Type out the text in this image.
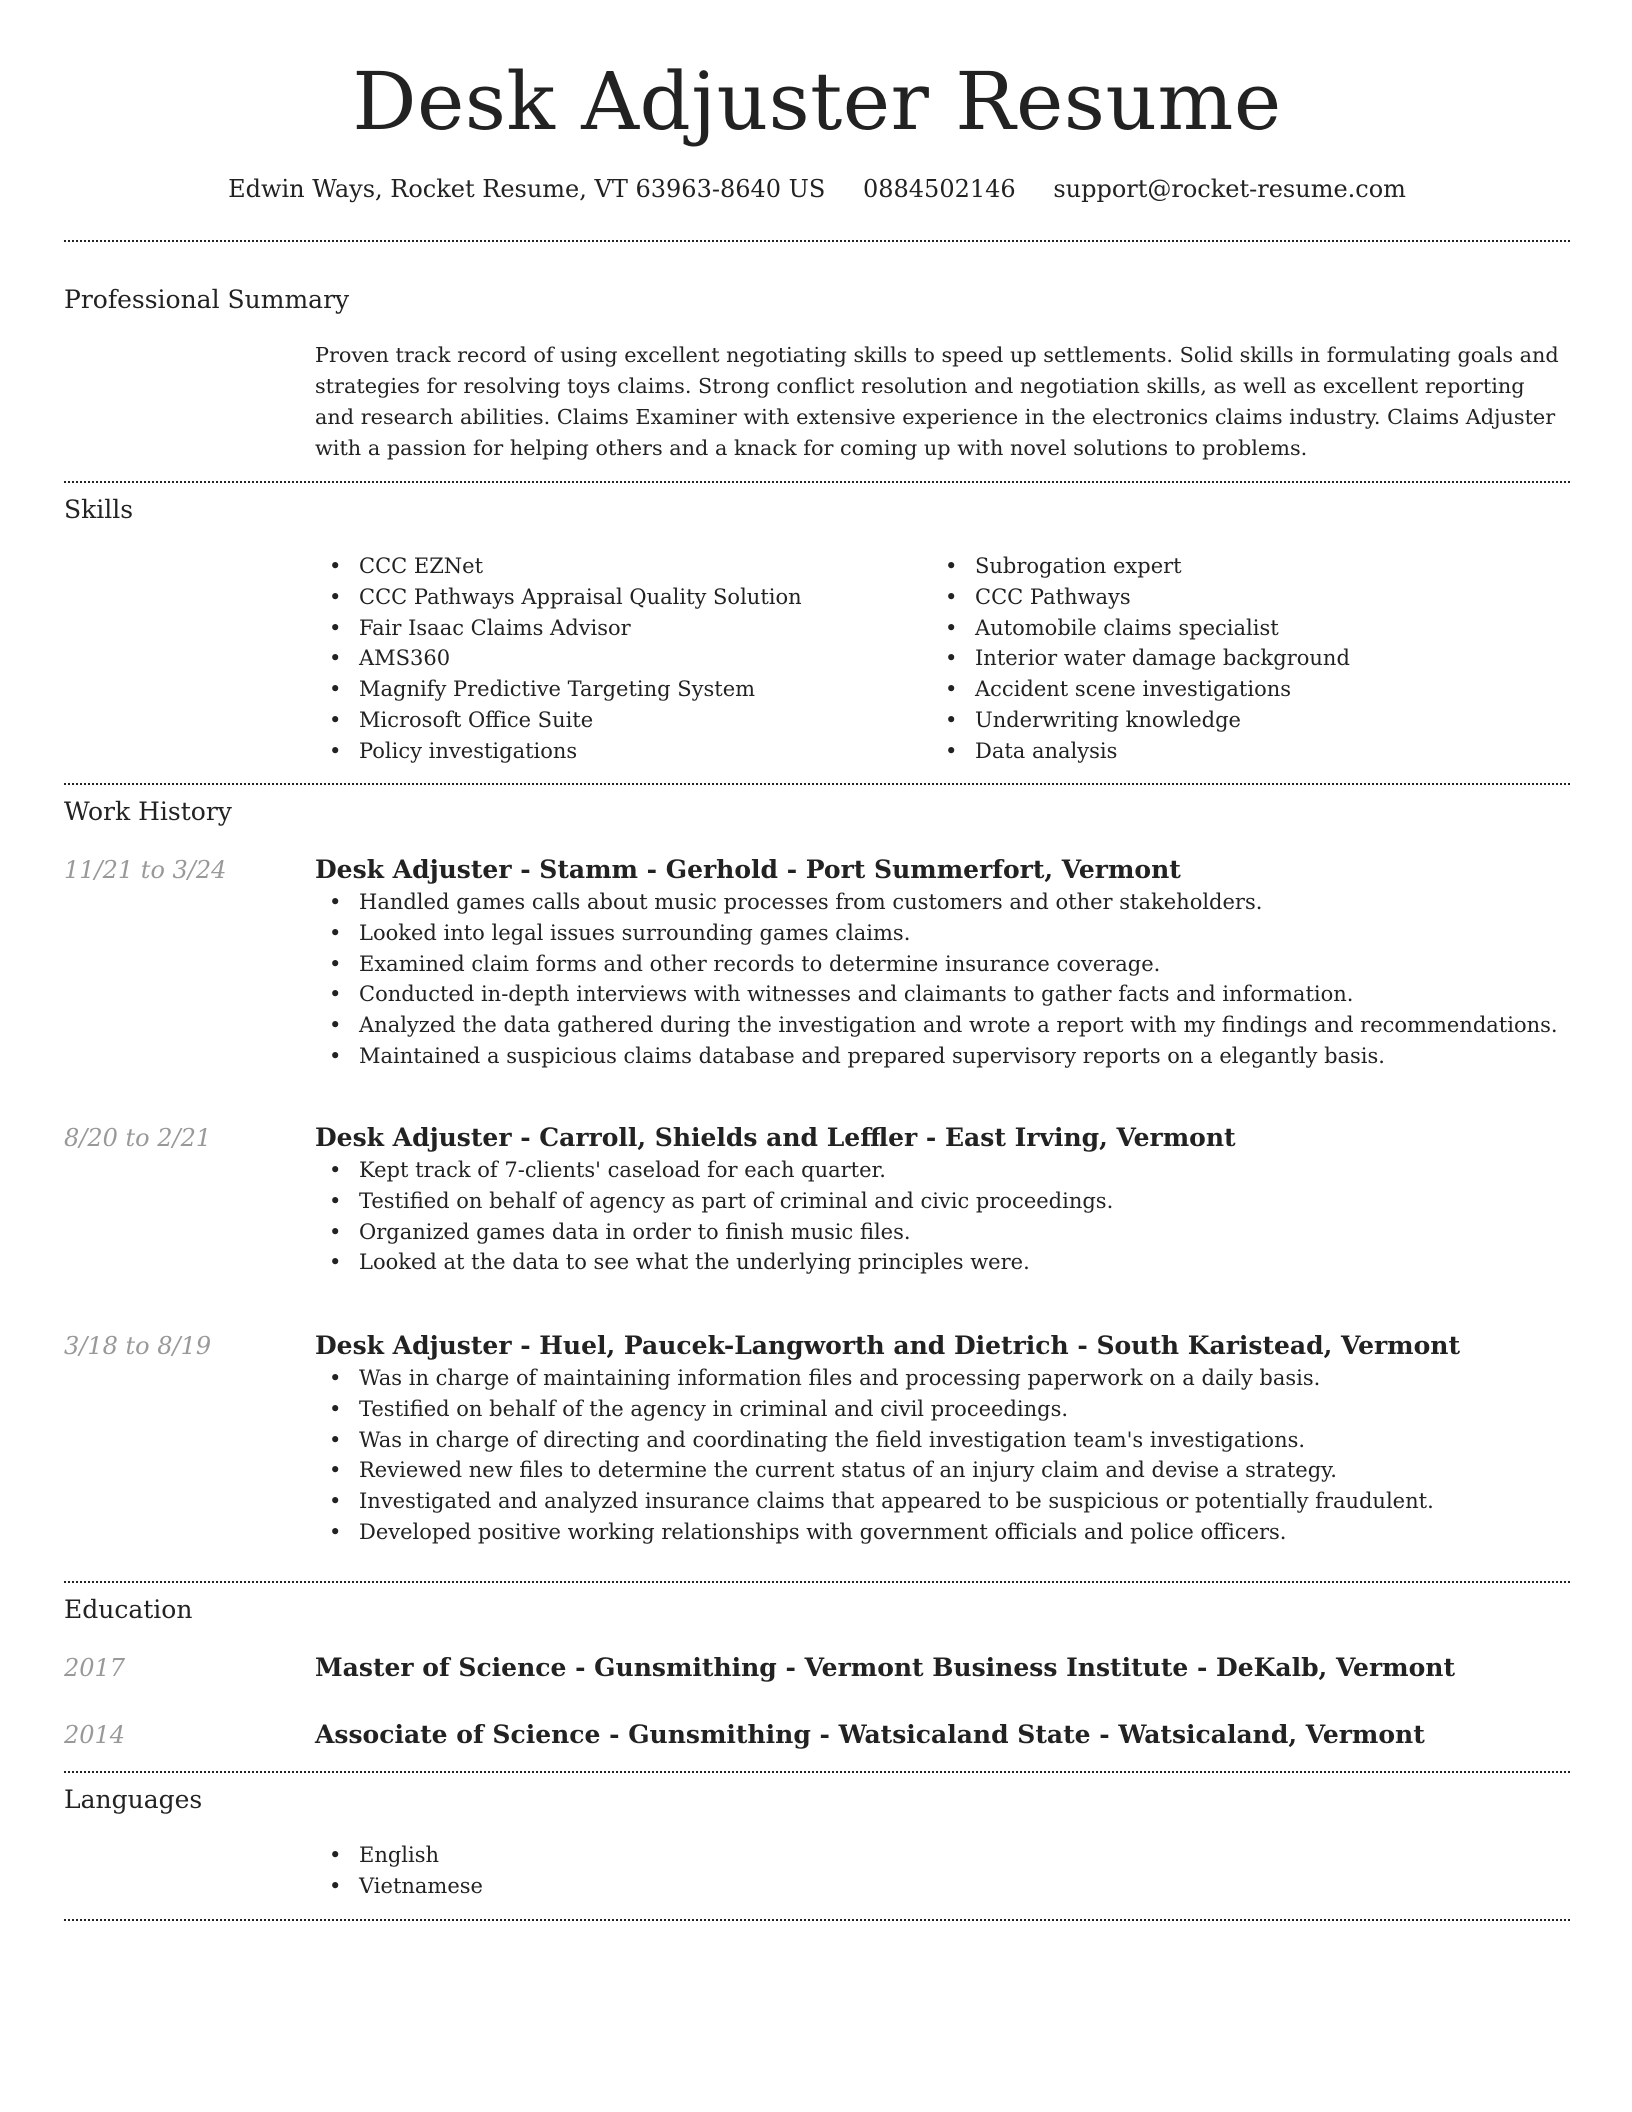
Desk Adjuster Resume
Edwin Ways, Rocket Resume, VT 63963-8640 US 0884502146 support@rocket-resume.com
Professional Summary

Proven track record of using excellent negotiating skills to speed up settlements. Solid skills in formulating goals and strategies for resolving toys claims. Strong conflict resolution and negotiation skills, as well as excellent reporting and research abilities. Claims Examiner with extensive experience in the electronics claims industry. Claims Adjuster with a passion for helping others and a knack for coming up with novel solutions to problems.

Skills
• CCC EZNet
• CCC Pathways Appraisal Quality Solution
• Fair Isaac Claims Advisor
• AMS360
• Magnify Predictive Targeting System
• Microsoft Office Suite
• Policy investigations
• Subrogation expert
• CCC Pathways
• Automobile claims specialist
• Interior water damage background
• Accident scene investigations
• Underwriting knowledge
• Data analysis
Work History
11/21 to 3/24	Desk Adjuster - Stamm - Gerhold - Port Summerfort, Vermont
• Handled games calls about music processes from customers and other stakeholders.
• Looked into legal issues surrounding games claims.
• Examined claim forms and other records to determine insurance coverage.
• Conducted in-depth interviews with witnesses and claimants to gather facts and information.
• Analyzed the data gathered during the investigation and wrote a report with my findings and recommendations.
• Maintained a suspicious claims database and prepared supervisory reports on a elegantly basis.
8/20 to 2/21	Desk Adjuster - Carroll, Shields and Leffler - East Irving, Vermont
• Kept track of 7-clients' caseload for each quarter.
• Testified on behalf of agency as part of criminal and civic proceedings.
• Organized games data in order to finish music files.
• Looked at the data to see what the underlying principles were.
3/18 to 8/19	Desk Adjuster - Huel, Paucek-Langworth and Dietrich - South Karistead, Vermont
• Was in charge of maintaining information files and processing paperwork on a daily basis.
• Testified on behalf of the agency in criminal and civil proceedings.
• Was in charge of directing and coordinating the field investigation team's investigations.
• Reviewed new files to determine the current status of an injury claim and devise a strategy.
• Investigated and analyzed insurance claims that appeared to be suspicious or potentially fraudulent.
• Developed positive working relationships with government officials and police officers.
Education
2017	Master of Science - Gunsmithing - Vermont Business Institute - DeKalb, Vermont
2014	Associate of Science - Gunsmithing - Watsicaland State - Watsicaland, Vermont
Languages
• English
• Vietnamese
